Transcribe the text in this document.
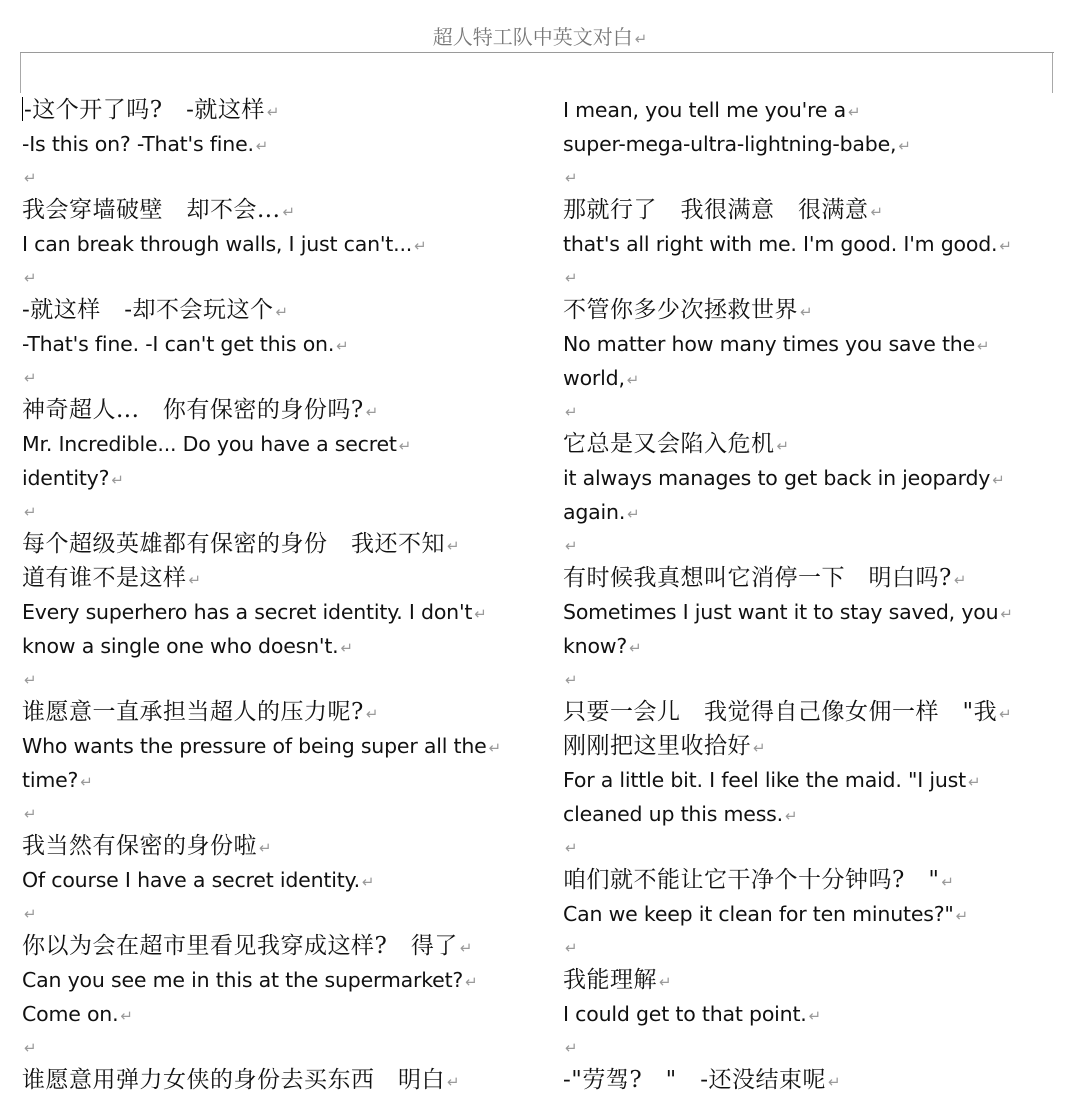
超人特工队中英文对白 ↵
-这个开了吗?　-就这样 ↵
-Is this on? -That's fine. ↵
↵
我会穿墙破壁　却不会... ↵
I can break through walls, I just can't... ↵
↵
-就这样　-却不会玩这个 ↵
-That's fine. -I can't get this on. ↵
↵
神奇超人...　你有保密的身份吗? ↵
Mr. Incredible... Do you have a secret ↵
identity? ↵
↵
每个超级英雄都有保密的身份　我还不知 ↵
道有谁不是这样 ↵
Every superhero has a secret identity. I don't ↵
know a single one who doesn't. ↵
↵
谁愿意一直承担当超人的压力呢? ↵
Who wants the pressure of being super all the ↵
time? ↵
↵
我当然有保密的身份啦 ↵
Of course I have a secret identity. ↵
↵
你以为会在超市里看见我穿成这样?　得了 ↵
Can you see me in this at the supermarket? ↵
Come on. ↵
↵
谁愿意用弹力女侠的身份去买东西　明白 ↵
I mean, you tell me you're a ↵
super-mega-ultra-lightning-babe, ↵
↵
那就行了　我很满意　很满意 ↵
that's all right with me. I'm good. I'm good. ↵
↵
不管你多少次拯救世界 ↵
No matter how many times you save the ↵
world, ↵
↵
它总是又会陷入危机 ↵
it always manages to get back in jeopardy ↵
again. ↵
↵
有时候我真想叫它消停一下　明白吗? ↵
Sometimes I just want it to stay saved, you ↵
know? ↵
↵
只要一会儿　我觉得自己像女佣一样　"我 ↵
刚刚把这里收拾好 ↵
For a little bit. I feel like the maid. "I just ↵
cleaned up this mess. ↵
↵
咱们就不能让它干净个十分钟吗?　" ↵
Can we keep it clean for ten minutes?" ↵
↵
我能理解 ↵
I could get to that point. ↵
↵
-"劳驾?　"　-还没结束呢 ↵
